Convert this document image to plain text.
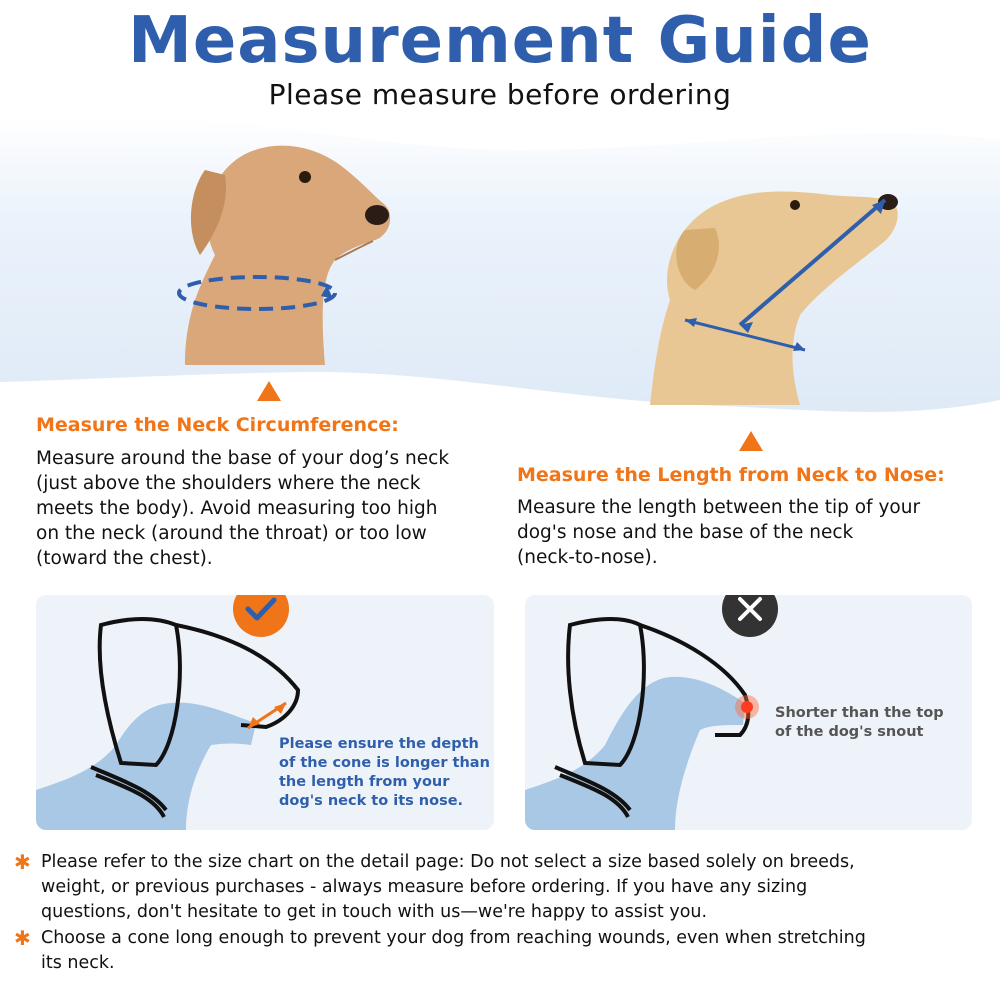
Measurement Guide
Please measure before ordering
Measure the Neck Circumference:
Measure around the base of your dog’s neck
(just above the shoulders where the neck
meets the body). Avoid measuring too high
on the neck (around the throat) or too low
(toward the chest).
Measure the Length from Neck to Nose:
Measure the length between the tip of your
dog's nose and the base of the neck
(neck-to-nose).
Please ensure the depth
of the cone is longer than
the length from your
dog's neck to its nose.
Shorter than the top
of the dog's snout
✱ Please refer to the size chart on the detail page: Do not select a size based solely on breeds,
weight, or previous purchases - always measure before ordering. If you have any sizing
questions, don't hesitate to get in touch with us—we're happy to assist you.
✱ Choose a cone long enough to prevent your dog from reaching wounds, even when stretching
its neck.
